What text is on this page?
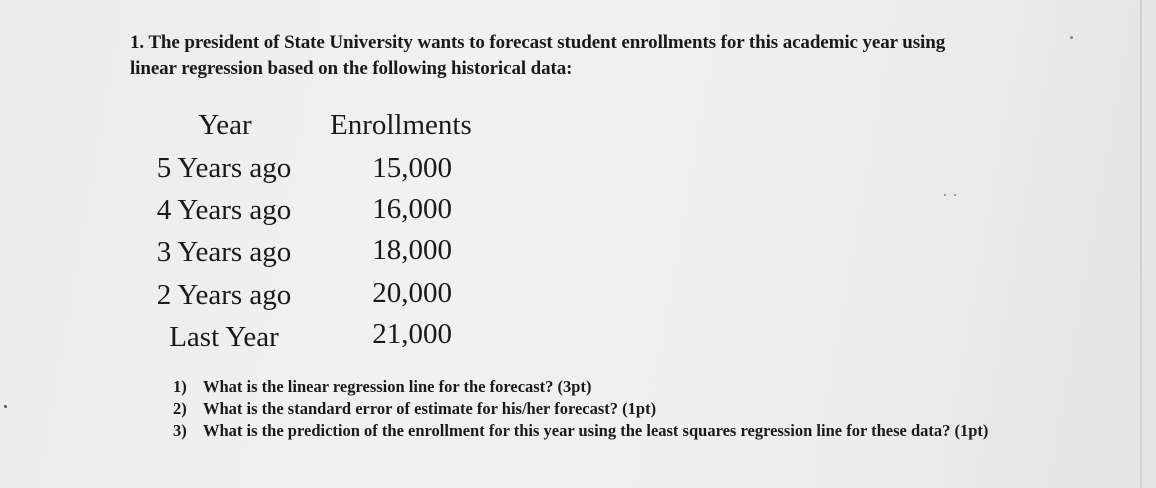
1. The president of State University wants to forecast student enrollments for this academic year using
linear regression based on the following historical data:
Year	Enrollments
5 Years ago	15,000
4 Years ago	16,000
3 Years ago	18,000
2 Years ago	20,000
Last Year	21,000
1) What is the linear regression line for the forecast? (3pt)
2) What is the standard error of estimate for his/her forecast? (1pt)
3) What is the prediction of the enrollment for this year using the least squares regression line for these data? (1pt)
